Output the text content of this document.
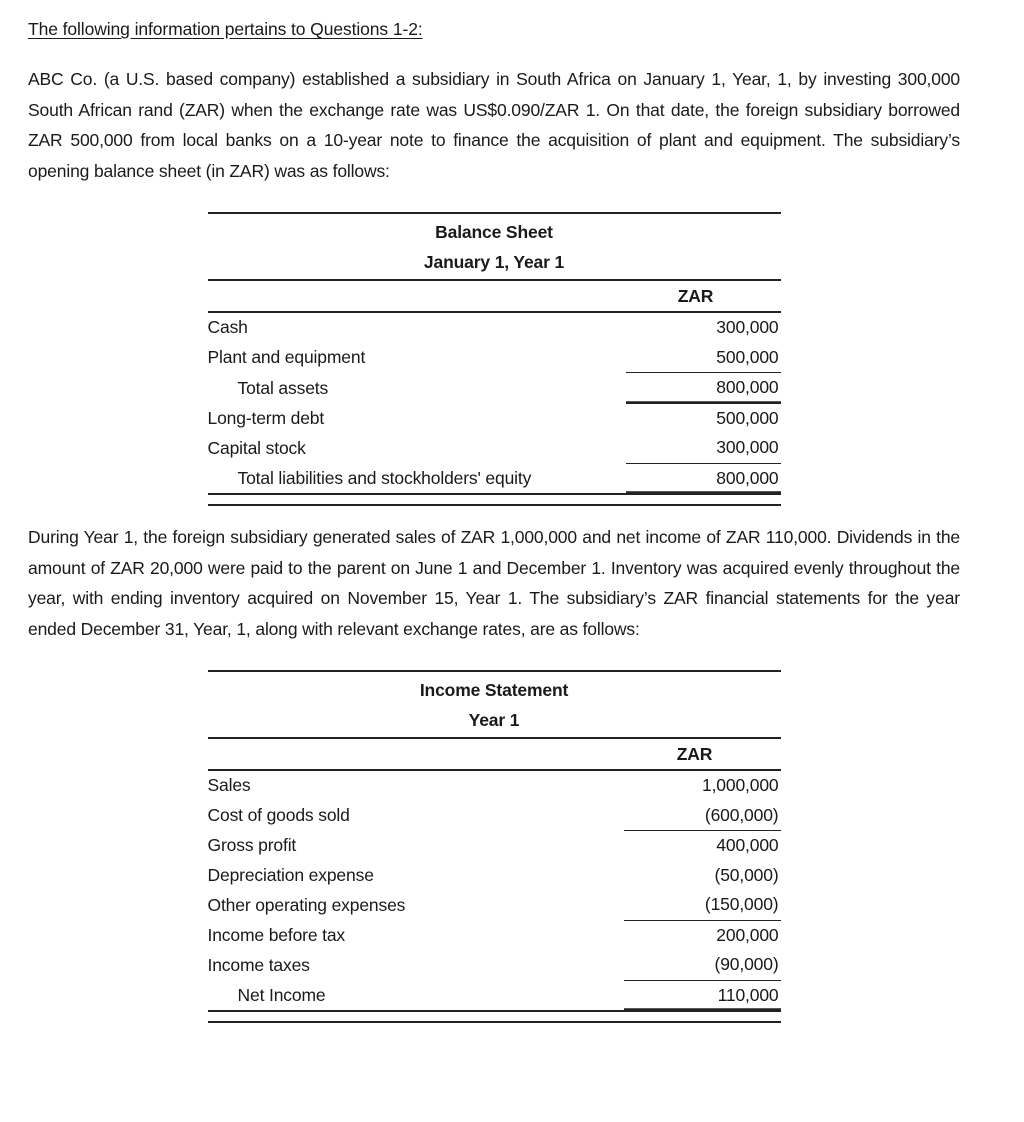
The following information pertains to Questions 1-2:

ABC Co. (a U.S. based company) established a subsidiary in South Africa on January 1, Year, 1, by investing 300,000 South African rand (ZAR) when the exchange rate was US$0.090/ZAR 1. On that date, the foreign subsidiary borrowed ZAR 500,000 from local banks on a 10-year note to finance the acquisition of plant and equipment. The subsidiary’s opening balance sheet (in ZAR) was as follows:

Balance Sheet	
January 1, Year 1	
	ZAR
Cash	300,000
Plant and equipment	500,000
Total assets	800,000
Long-term debt	500,000
Capital stock	300,000
Total liabilities and stockholders' equity	800,000

During Year 1, the foreign subsidiary generated sales of ZAR 1,000,000 and net income of ZAR 110,000. Dividends in the amount of ZAR 20,000 were paid to the parent on June 1 and December 1. Inventory was acquired evenly throughout the year, with ending inventory acquired on November 15, Year 1. The subsidiary’s ZAR financial statements for the year ended December 31, Year, 1, along with relevant exchange rates, are as follows:

Income Statement	
Year 1	
	ZAR
Sales	1,000,000
Cost of goods sold	(600,000)
Gross profit	400,000
Depreciation expense	(50,000)
Other operating expenses	(150,000)
Income before tax	200,000
Income taxes	(90,000)
Net Income	110,000
